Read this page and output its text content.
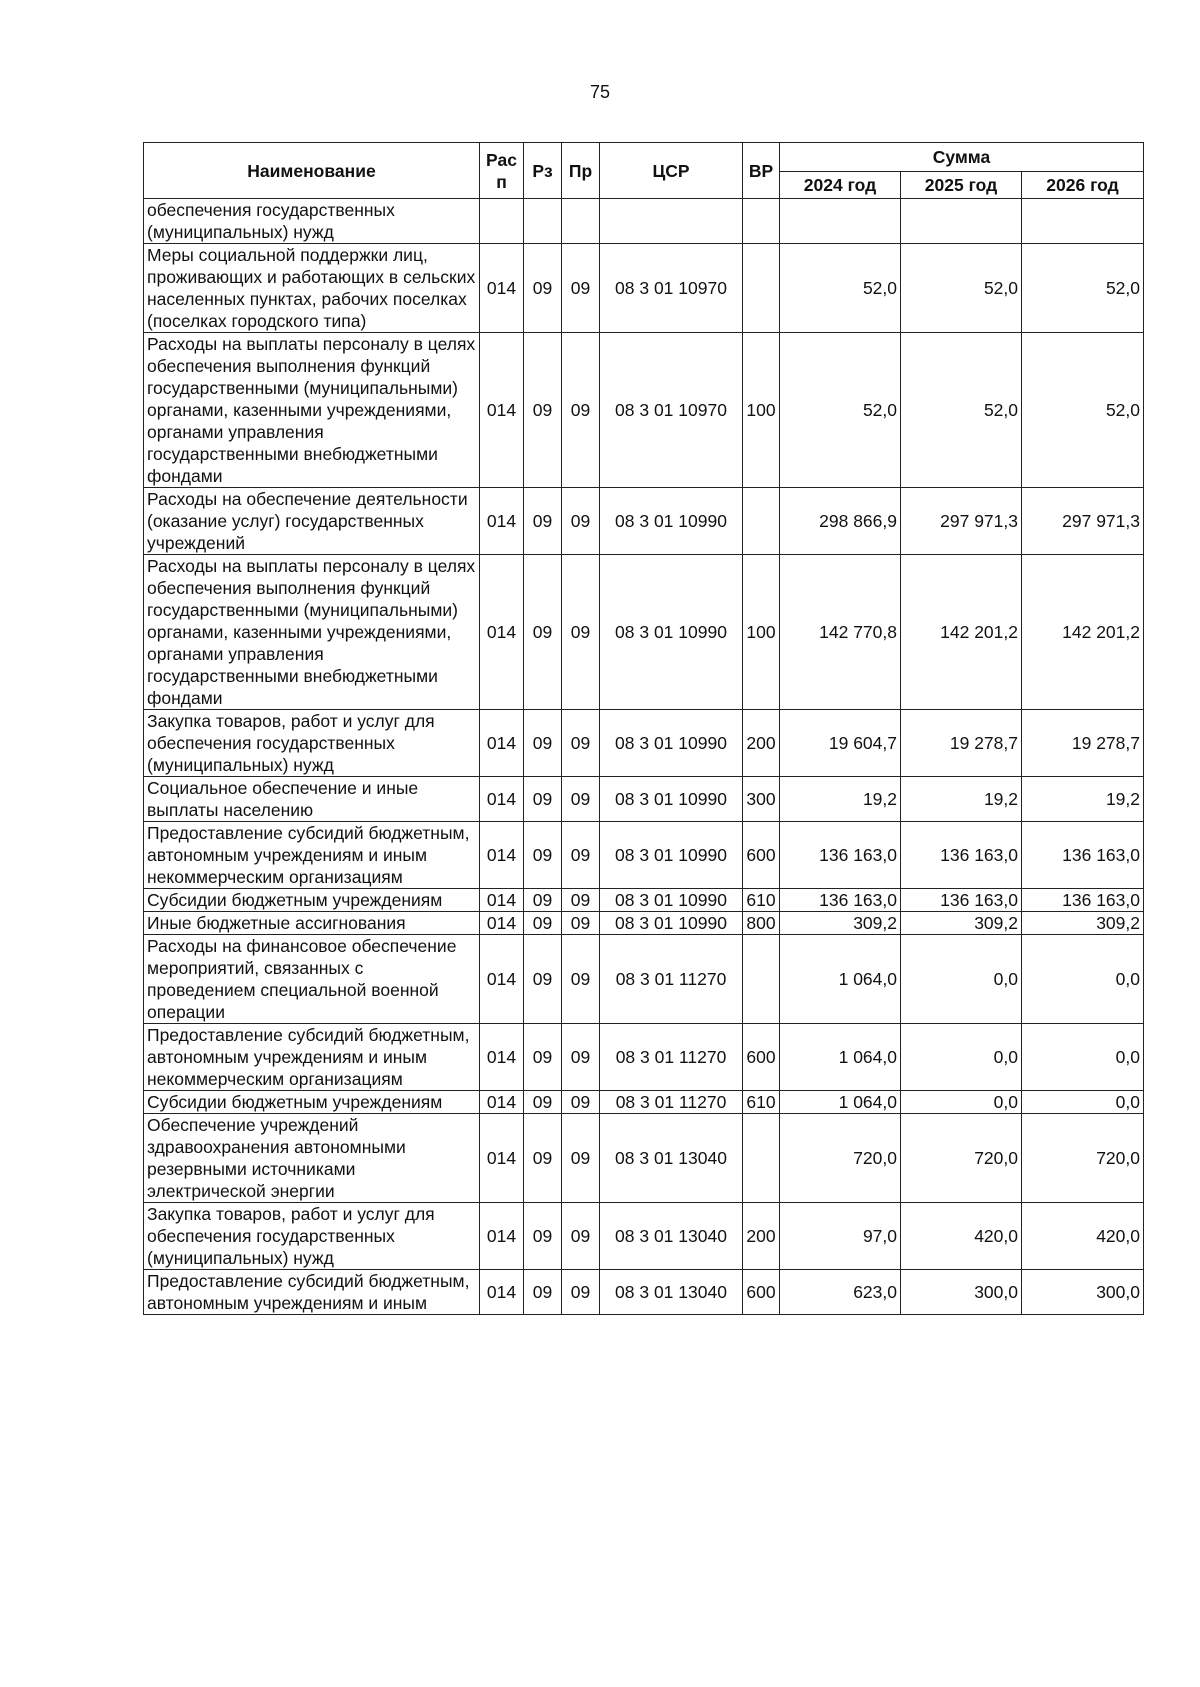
75
Наименование	Рас п	Рз	Пр	ЦСР	ВР	Сумма		
						2024 год	2025 год	2026 год
обеспечения государственных (муниципальных) нужд								
Меры социальной поддержки лиц, проживающих и работающих в сельских населенных пунктах, рабочих поселках (поселках городского типа)	014	09	09	08 3 01 10970		52,0	52,0	52,0
Расходы на выплаты персоналу в целях обеспечения выполнения функций государственными (муниципальными) органами, казенными учреждениями, органами управления государственными внебюджетными фондами	014	09	09	08 3 01 10970	100	52,0	52,0	52,0
Расходы на обеспечение деятельности (оказание услуг) государственных учреждений	014	09	09	08 3 01 10990		298 866,9	297 971,3	297 971,3
Расходы на выплаты персоналу в целях обеспечения выполнения функций государственными (муниципальными) органами, казенными учреждениями, органами управления государственными внебюджетными фондами	014	09	09	08 3 01 10990	100	142 770,8	142 201,2	142 201,2
Закупка товаров, работ и услуг для обеспечения государственных (муниципальных) нужд	014	09	09	08 3 01 10990	200	19 604,7	19 278,7	19 278,7
Социальное обеспечение и иные выплаты населению	014	09	09	08 3 01 10990	300	19,2	19,2	19,2
Предоставление субсидий бюджетным, автономным учреждениям и иным некоммерческим организациям	014	09	09	08 3 01 10990	600	136 163,0	136 163,0	136 163,0
Субсидии бюджетным учреждениям	014	09	09	08 3 01 10990	610	136 163,0	136 163,0	136 163,0
Иные бюджетные ассигнования	014	09	09	08 3 01 10990	800	309,2	309,2	309,2
Расходы на финансовое обеспечение мероприятий, связанных с проведением специальной военной операции	014	09	09	08 3 01 11270		1 064,0	0,0	0,0
Предоставление субсидий бюджетным, автономным учреждениям и иным некоммерческим организациям	014	09	09	08 3 01 11270	600	1 064,0	0,0	0,0
Субсидии бюджетным учреждениям	014	09	09	08 3 01 11270	610	1 064,0	0,0	0,0
Обеспечение учреждений здравоохранения автономными резервными источниками электрической энергии	014	09	09	08 3 01 13040		720,0	720,0	720,0
Закупка товаров, работ и услуг для обеспечения государственных (муниципальных) нужд	014	09	09	08 3 01 13040	200	97,0	420,0	420,0
Предоставление субсидий бюджетным, автономным учреждениям и иным	014	09	09	08 3 01 13040	600	623,0	300,0	300,0
